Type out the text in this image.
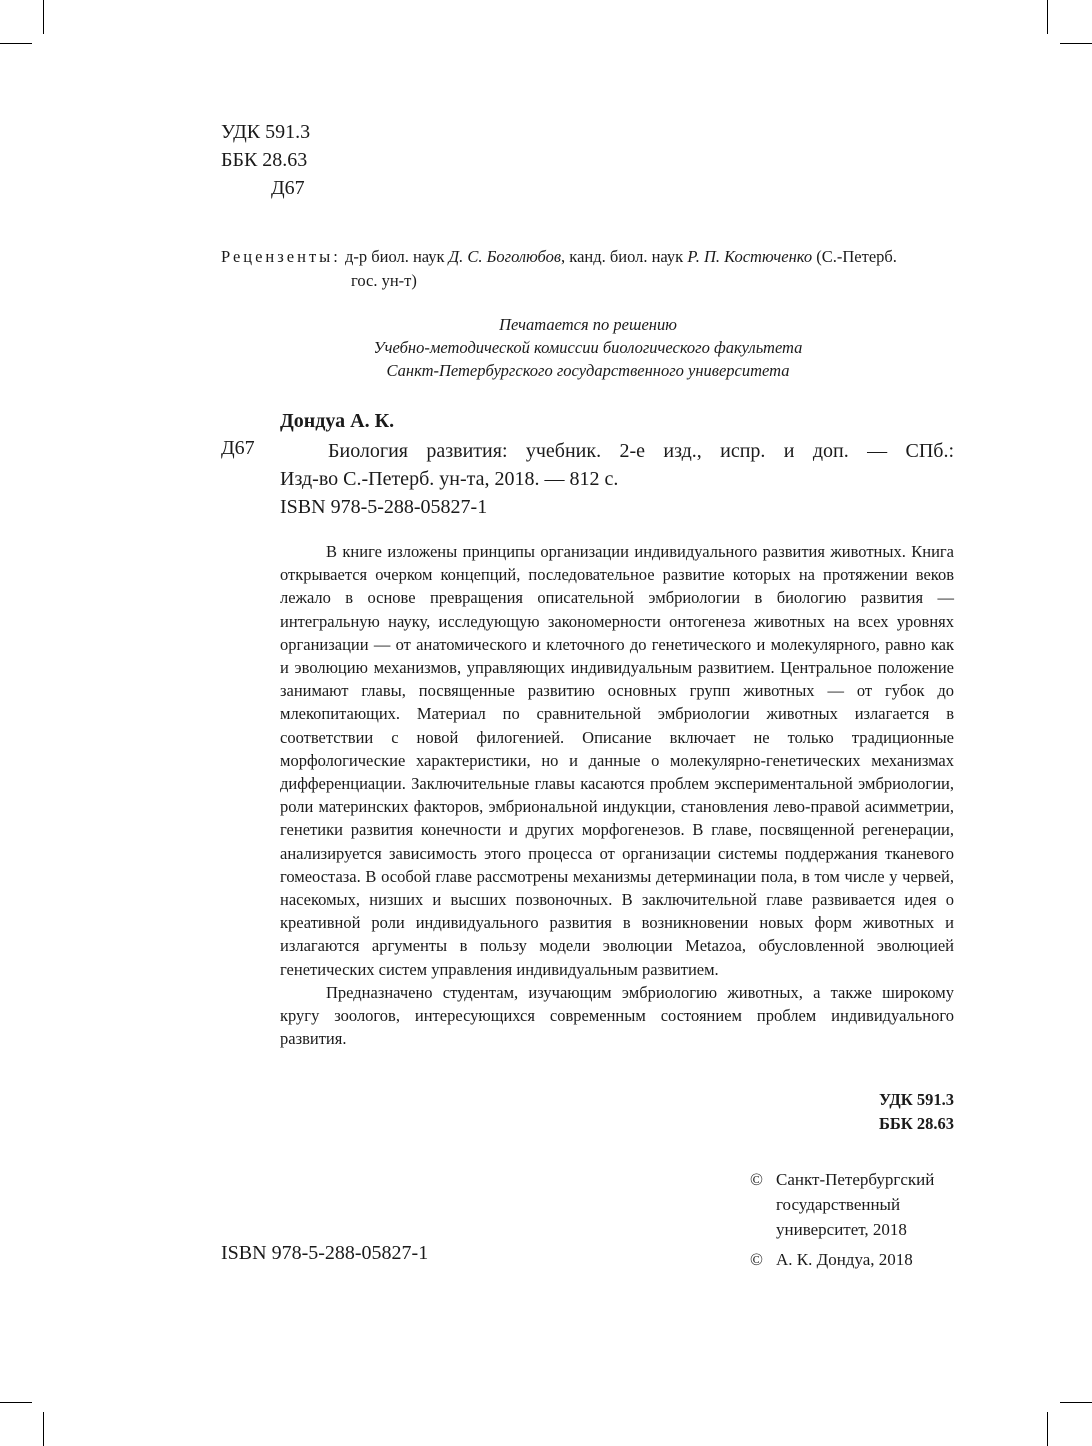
УДК 591.3
ББК 28.63
Д67
Рецензенты: д-р биол. наук Д. С. Боголюбов, канд. биол. наук Р. П. Костюченко (С.-Петерб.
гос. ун-т)
Печатается по решению
Учебно-методической комиссии биологического факультета
Санкт-Петербургского государственного университета
Дондуа А. К.
Д67	Биология развития: учебник. 2-е изд., испр. и доп. — СПб.:
Изд-во С.-Петерб. ун-та, 2018. — 812 с.
ISBN 978-5-288-05827-1

В книге изложены принципы организации индивидуального развития животных. Книга открывается очерком концепций, последовательное развитие которых на протяжении веков лежало в основе превращения описательной эмбриологии в биологию развития — интегральную науку, исследующую закономерности онтогенеза животных на всех уровнях организации — от анатомического и клеточного до генетического и молекулярного, равно как и эволюцию механизмов, управляющих индивидуальным развитием. Центральное положение занимают главы, посвященные развитию основных групп животных — от губок до млекопитающих. Материал по сравнительной эмбриологии животных излагается в соответствии с новой филогенией. Описание включает не только традиционные морфологические характеристики, но и данные о молекулярно-генетических механизмах дифференциации. Заключительные главы касаются проблем экспериментальной эмбриологии, роли материнских факторов, эмбриональной индукции, становления лево-правой асимметрии, генетики развития конечности и других морфогенезов. В главе, посвященной регенерации, анализируется зависимость этого процесса от организации системы поддержания тканевого гомеостаза. В особой главе рассмотрены механизмы детерминации пола, в том числе у червей, насекомых, низших и высших позвоночных. В заключительной главе развивается идея о креативной роли индивидуального развития в возникновении новых форм животных и излагаются аргументы в пользу модели эволюции Metazoa, обусловленной эволюцией генетических систем управления индивидуальным развитием.

Предназначено студентам, изучающим эмбриологию животных, а также широкому кругу зоологов, интересующихся современным состоянием проблем индивидуального развития.

УДК 591.3
ББК 28.63
© Санкт-Петербургский
государственный
университет, 2018
© А. К. Дондуа, 2018
ISBN 978-5-288-05827-1
